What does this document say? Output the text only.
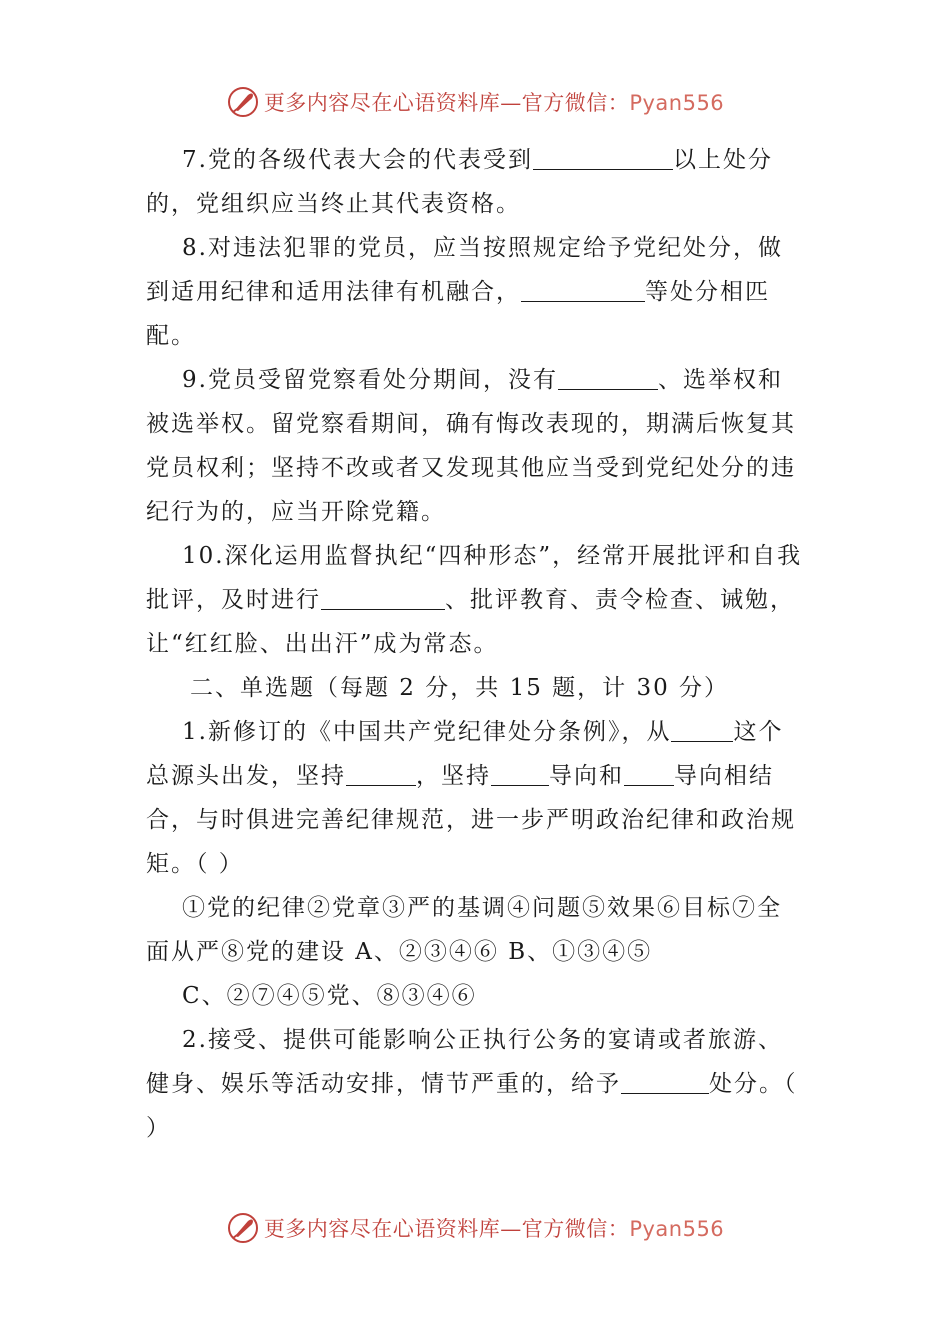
更多内容尽在心语资料库—官方微信：Pyan556

7.党的各级代表大会的代表受到	以上处分的，党组织应当终止其代表资格。

8.对违法犯罪的党员，应当按照规定给予党纪处分，做到适用纪律和适用法律有机融合，	等处分相匹配。

9.党员受留党察看处分期间，没有	、选举权和被选举权。留党察看期间，确有悔改表现的，期满后恢复其党员权利；坚持不改或者又发现其他应当受到党纪处分的违纪行为的，应当开除党籍。

10.深化运用监督执纪“四种形态”，经常开展批评和自我批评，及时进行	、批评教育、责令检查、诫勉，让“红红脸、出出汗”成为常态。

二、单选题（每题 2 分，共 15 题，计 30 分）

1.新修订的《中国共产党纪律处分条例》，从	这个总源头出发，坚持	，坚持	导向和 导向相结合，与时俱进完善纪律规范，进一步严明政治纪律和政治规矩。（ ）

①党的纪律②党章③严的基调④问题⑤效果⑥目标⑦全面从严⑧党的建设 A、②③④⑥ B、①③④⑤

C、②⑦④⑤党、⑧③④⑥

2.接受、提供可能影响公正执行公务的宴请或者旅游、健身、娱乐等活动安排，情节严重的，给予	处分。（ ）

更多内容尽在心语资料库—官方微信：Pyan556
